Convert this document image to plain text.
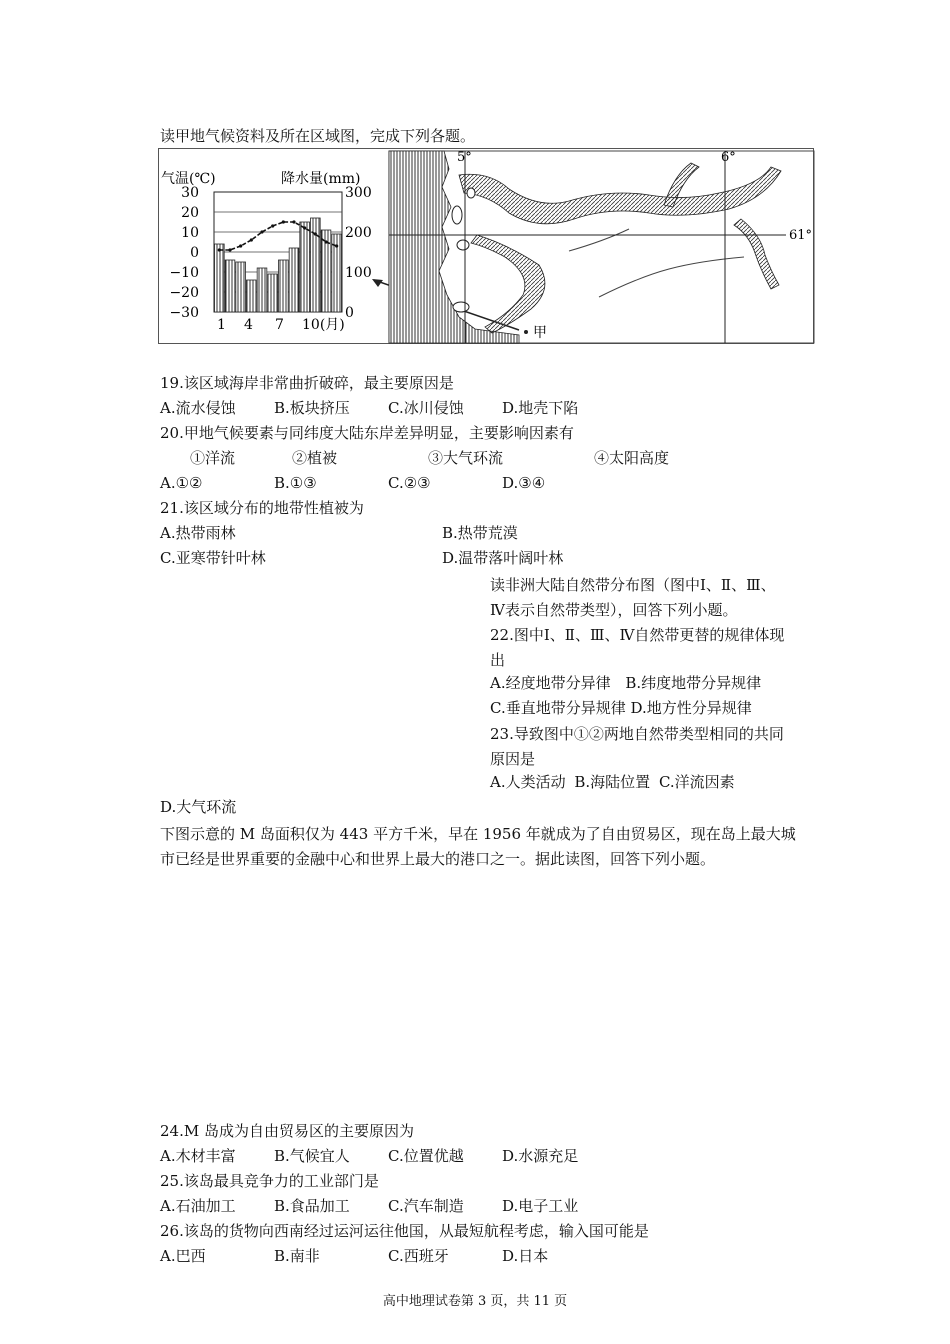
读甲地气候资料及所在区域图，完成下列各题。
气温(℃)	降水量(mm)
30
20
10
0
−10
−20
−30
300
200
100
0
1 4 7 10(月)
5°	6°
61°
甲
19.该区域海岸非常曲折破碎，最主要原因是
A.流水侵蚀	B.板块挤压	C.冰川侵蚀	D.地壳下陷
20.甲地气候要素与同纬度大陆东岸差异明显，主要影响因素有
①洋流	②植被	③大气环流	④太阳高度
A.①②	B.①③	C.②③	D.③④
21.该区域分布的地带性植被为
A.热带雨林	B.热带荒漠
C.亚寒带针叶林	D.温带落叶阔叶林
读非洲大陆自然带分布图（图中Ⅰ、Ⅱ、Ⅲ、Ⅳ表示自然带类型），回答下列小题。
22.图中Ⅰ、Ⅱ、Ⅲ、Ⅳ自然带更替的规律体现出
A.经度地带分异律 B.纬度地带分异规律
C.垂直地带分异规律 D.地方性分异规律
23.导致图中①②两地自然带类型相同的共同原因是
A.人类活动 B.海陆位置 C.洋流因素
D.大气环流
下图示意的 M 岛面积仅为 443 平方千米，早在 1956 年就成为了自由贸易区，现在岛上最大城市已经是世界重要的金融中心和世界上最大的港口之一。据此读图，回答下列小题。
24.M 岛成为自由贸易区的主要原因为
A.木材丰富	B.气候宜人	C.位置优越	D.水源充足
25.该岛最具竞争力的工业部门是
A.石油加工	B.食品加工	C.汽车制造	D.电子工业
26.该岛的货物向西南经过运河运往他国，从最短航程考虑，输入国可能是
A.巴西	B.南非	C.西班牙	D.日本
高中地理试卷第 3 页，共 11 页
